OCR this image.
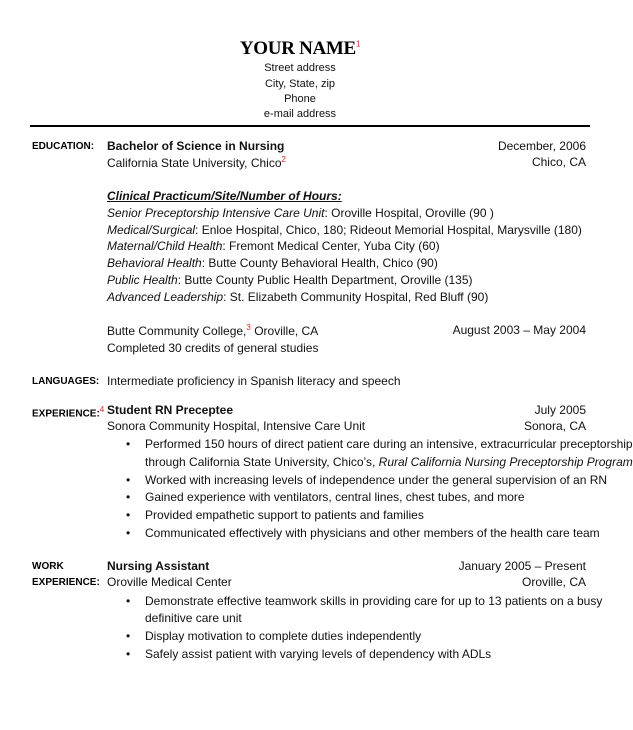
YOUR NAME$^1$
Street address
City, State, zip
Phone
e-mail address
EDUCATION: Bachelor of Science in Nursing	December, 2006
California State University, Chico$^2$	Chico, CA
Clinical Practicum/Site/Number of Hours:
Senior Preceptorship Intensive Care Unit: Oroville Hospital, Oroville (90 )
Medical/Surgical: Enloe Hospital, Chico, 180; Rideout Memorial Hospital, Marysville (180)
Maternal/Child Health: Fremont Medical Center, Yuba City (60)
Behavioral Health: Butte County Behavioral Health, Chico (90)
Public Health: Butte County Public Health Department, Oroville (135)
Advanced Leadership: St. Elizabeth Community Hospital, Red Bluff (90)
Butte Community College,$^3$ Oroville, CA	August 2003 – May 2004
Completed 30 credits of general studies
LANGUAGES: Intermediate proficiency in Spanish literacy and speech
EXPERIENCE:$^4$ Student RN Preceptee	July 2005
Sonora Community Hospital, Intensive Care Unit	Sonora, CA
• Performed 150 hours of direct patient care during an intensive, extracurricular preceptorship
through California State University, Chico’s, Rural California Nursing Preceptorship Program
• Worked with increasing levels of independence under the general supervision of an RN
• Gained experience with ventilators, central lines, chest tubes, and more
• Provided empathetic support to patients and families
• Communicated effectively with physicians and other members of the health care team
WORK
EXPERIENCE:
Nursing Assistant	January 2005 – Present
Oroville Medical Center	Oroville, CA
• Demonstrate effective teamwork skills in providing care for up to 13 patients on a busy
definitive care unit
• Display motivation to complete duties independently
• Safely assist patient with varying levels of dependency with ADLs
